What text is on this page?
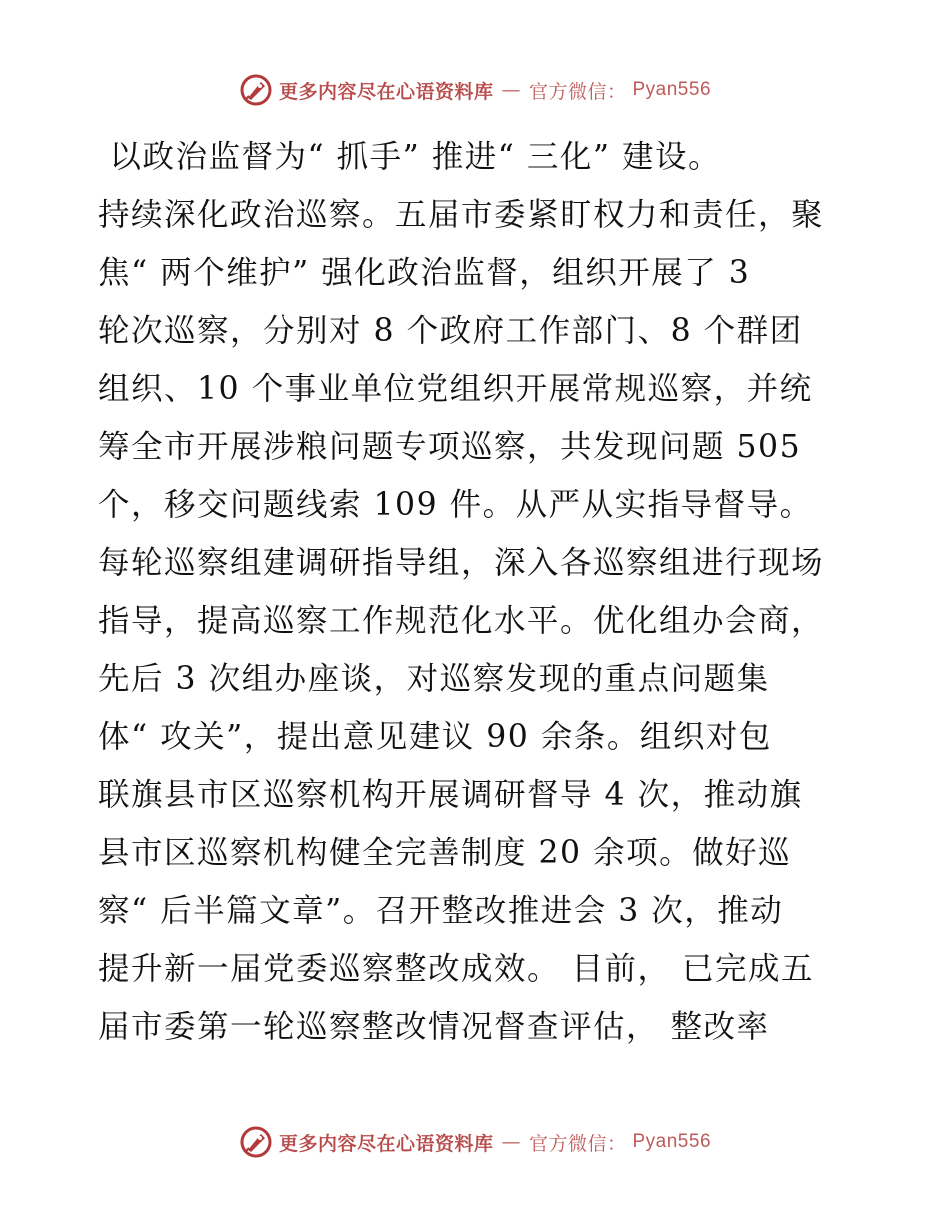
更多内容尽在心语资料库 — 官方微信： Pyan556
以政治监督为“ 抓手” 推进“ 三化” 建设。
持续深化政治巡察。五届市委紧盯权力和责任，聚
焦“ 两个维护” 强化政治监督，组织开展了 3
轮次巡察，分别对 8 个政府工作部门、8 个群团
组织、10 个事业单位党组织开展常规巡察，并统
筹全市开展涉粮问题专项巡察，共发现问题 505
个，移交问题线索 109 件。从严从实指导督导。
每轮巡察组建调研指导组，深入各巡察组进行现场
指导，提高巡察工作规范化水平。优化组办会商，
先后 3 次组办座谈，对巡察发现的重点问题集
体“ 攻关”，提出意见建议 90 余条。组织对包
联旗县市区巡察机构开展调研督导 4 次，推动旗
县市区巡察机构健全完善制度 20 余项。做好巡
察“ 后半篇文章”。召开整改推进会 3 次，推动
提升新一届党委巡察整改成效。 目前， 已完成五
届市委第一轮巡察整改情况督查评估， 整改率
更多内容尽在心语资料库 — 官方微信： Pyan556
